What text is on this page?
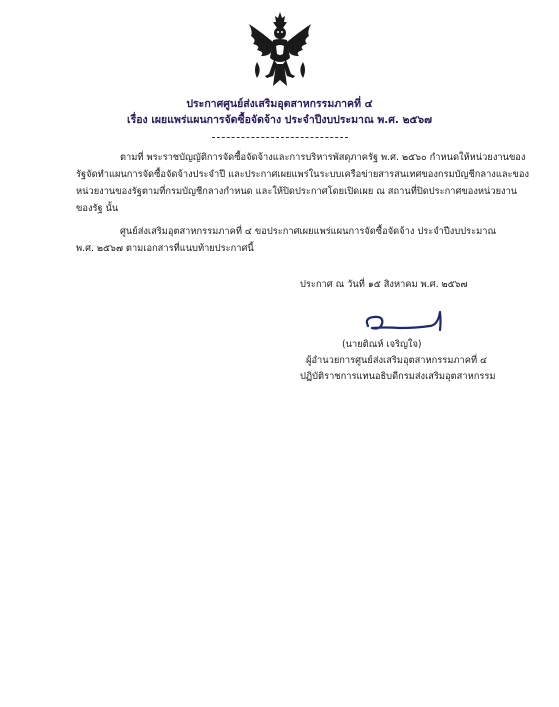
ประกาศศูนย์ส่งเสริมอุตสาหกรรมภาคที่ ๔
เรื่อง เผยแพร่แผนการจัดซื้อจัดจ้าง ประจำปีงบประมาณ พ.ศ. ๒๕๖๗
ตามที่ พระราชบัญญัติการจัดซื้อจัดจ้างและการบริหารพัสดุภาครัฐ พ.ศ. ๒๕๖๐ กำหนดให้หน่วยงานของ
รัฐจัดทำแผนการจัดซื้อจัดจ้างประจำปี และประกาศเผยแพร่ในระบบเครือข่ายสารสนเทศของกรมบัญชีกลางและของ
หน่วยงานของรัฐตามที่กรมบัญชีกลางกำหนด และให้ปิดประกาศโดยเปิดเผย ณ สถานที่ปิดประกาศของหน่วยงาน
ของรัฐ นั้น
ศูนย์ส่งเสริมอุตสาหกรรมภาคที่ ๔ ขอประกาศเผยแพร่แผนการจัดซื้อจัดจ้าง ประจำปีงบประมาณ
พ.ศ. ๒๕๖๗ ตามเอกสารที่แนบท้ายประกาศนี้
ประกาศ ณ วันที่ ๑๕ สิงหาคม พ.ศ. ๒๕๖๗
(นายติณห์ เจริญใจ)
ผู้อำนวยการศูนย์ส่งเสริมอุตสาหกรรมภาคที่ ๔
ปฏิบัติราชการแทนอธิบดีกรมส่งเสริมอุตสาหกรรม
